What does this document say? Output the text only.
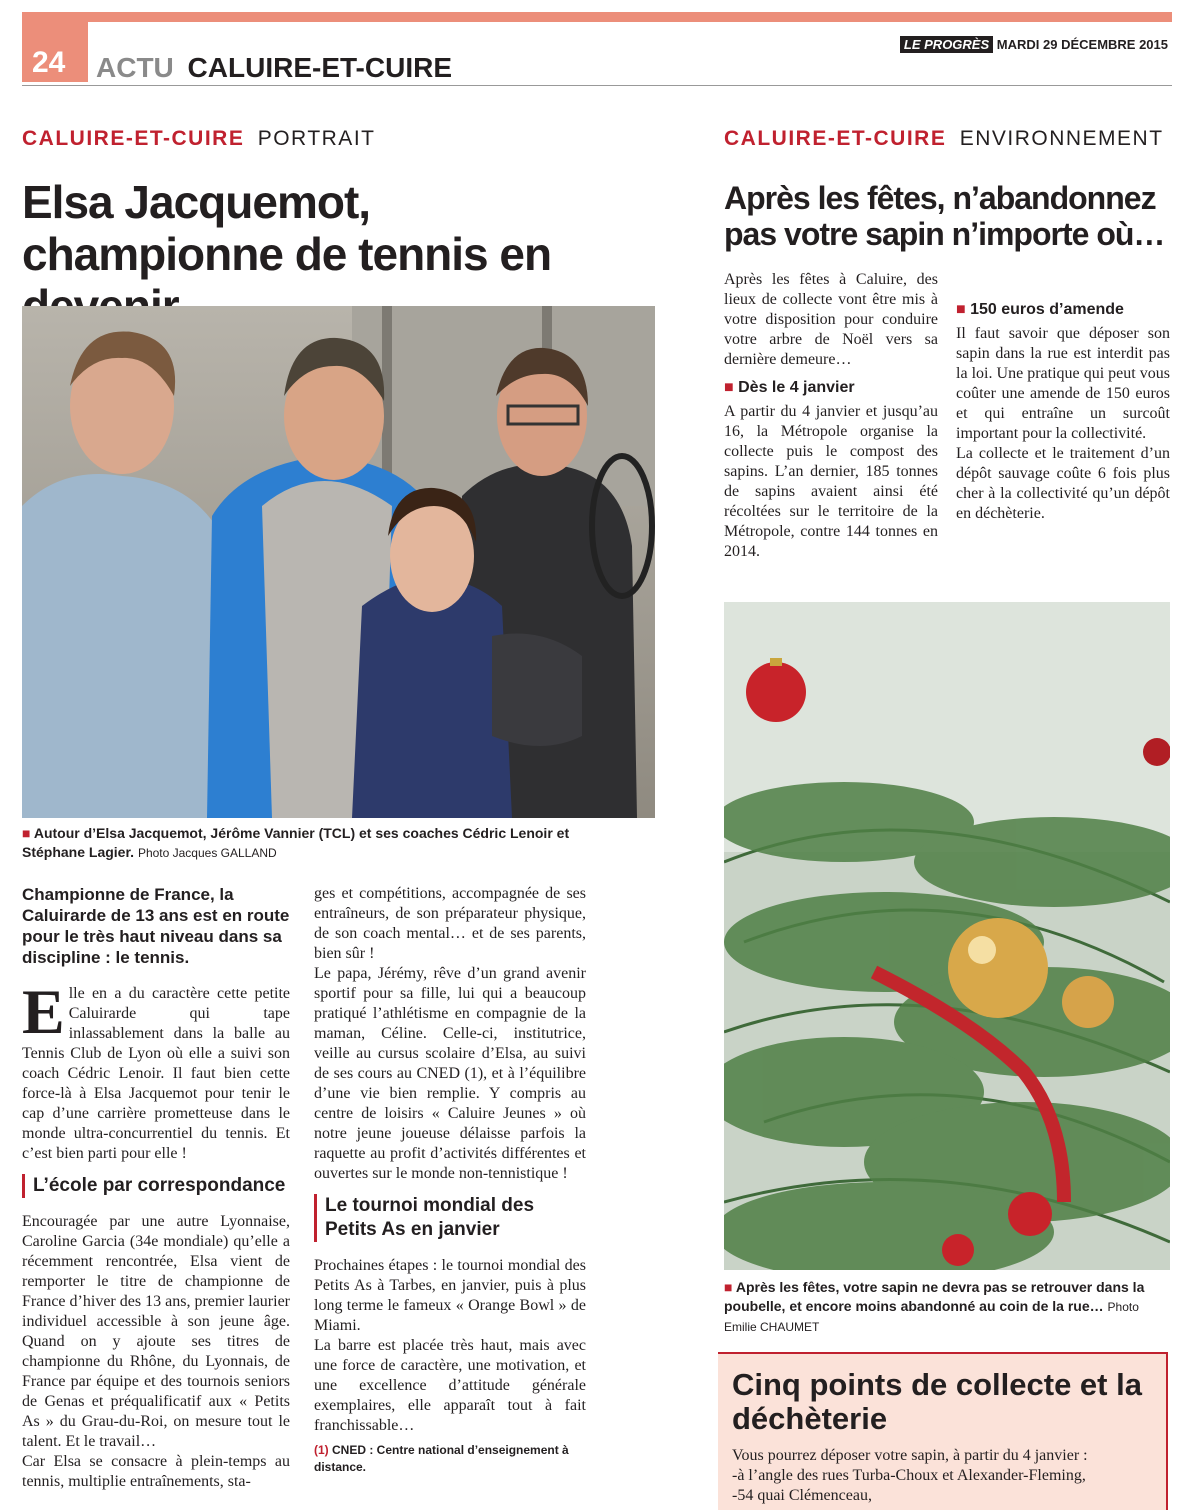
24 ACTU CALUIRE-ET-CUIRE
LE PROGRÈS MARDI 29 DÉCEMBRE 2015
CALUIRE-ET-CUIRE PORTRAIT
Elsa Jacquemot, championne de tennis en
■ Autour d’Elsa Jacquemot, Jérôme Vannier (TCL) et ses coaches Cédric Lenoir et Stéphane Lagier. Photo Jacques GALLAND

Championne de France, la Caluirarde de 13 ans est en route pour le très haut niveau dans sa discipline : le tennis.

Elle en a du caractère cette petite Caluirarde qui tape inlassablement dans la balle au Tennis Club de Lyon où elle a suivi son coach Cédric Lenoir. Il faut bien cette force-là à Elsa Jacquemot pour tenir le cap d’une carrière prometteuse dans le monde ultra-concurrentiel du tennis. Et c’est bien parti pour elle !

L’école par correspondance

Encouragée par une autre Lyonnaise, Caroline Garcia (34e mondiale) qu’elle a récemment rencontrée, Elsa vient de remporter le titre de championne de France d’hiver des 13 ans, premier laurier individuel accessible à son jeune âge. Quand on y ajoute ses titres de championne du Rhône, du Lyonnais, de France par équipe et des tournois seniors de Genas et préqualificatif aux « Petits As » du Grau-du-Roi, on mesure tout le talent. Et le travail…

Car Elsa se consacre à plein-temps au tennis, multiplie entraînements, sta-

ges et compétitions, accompagnée de ses entraîneurs, de son préparateur physique, de son coach mental… et de ses parents, bien sûr !

Le papa, Jérémy, rêve d’un grand avenir sportif pour sa fille, lui qui a beaucoup pratiqué l’athlétisme en compagnie de la maman, Céline. Celle-ci, institutrice, veille au cursus scolaire d’Elsa, au suivi de ses cours au CNED (1), et à l’équilibre d’une vie bien remplie. Y compris au centre de loisirs « Caluire Jeunes » où notre jeune joueuse délaisse parfois la raquette au profit d’activités différentes et ouvertes sur le monde non-tennistique !

Le tournoi mondial des Petits As en janvier

Prochaines étapes : le tournoi mondial des Petits As à Tarbes, en janvier, puis à plus long terme le fameux « Orange Bowl » de Miami.

La barre est placée très haut, mais avec une force de caractère, une motivation, et une excellence d’attitude générale exemplaires, elle apparaît tout à fait franchissable…

(1) CNED : Centre national d’enseignement à distance.

CALUIRE-ET-CUIRE ENVIRONNEMENT
Après les fêtes, n’abandonnez pas votre sapin n’importe où…

Après les fêtes à Caluire, des lieux de collecte vont être mis à votre disposition pour conduire votre arbre de Noël vers sa dernière demeure…

■ Dès le 4 janvier

A partir du 4 janvier et jusqu’au 16, la Métropole organise la collecte puis le compost des sapins. L’an dernier, 185 tonnes de sapins avaient ainsi été récoltées sur le territoire de la Métropole, contre 144 tonnes en 2014.

■ 150 euros d’amende

Il faut savoir que déposer son sapin dans la rue est interdit pas la loi. Une pratique qui peut vous coûter une amende de 150 euros et qui entraîne un surcoût important pour la collectivité.

La collecte et le traitement d’un dépôt sauvage coûte 6 fois plus cher à la collectivité qu’un dépôt en déchèterie.

■ Après les fêtes, votre sapin ne devra pas se retrouver dans la poubelle, et encore moins abandonné au coin de la rue… Photo Emilie CHAUMET
Cinq points de collecte et la déchèterie

Vous pourrez déposer votre sapin, à partir du 4 janvier :

-à l’angle des rues Turba-Choux et Alexander-Fleming,

-54 quai Clémenceau,
